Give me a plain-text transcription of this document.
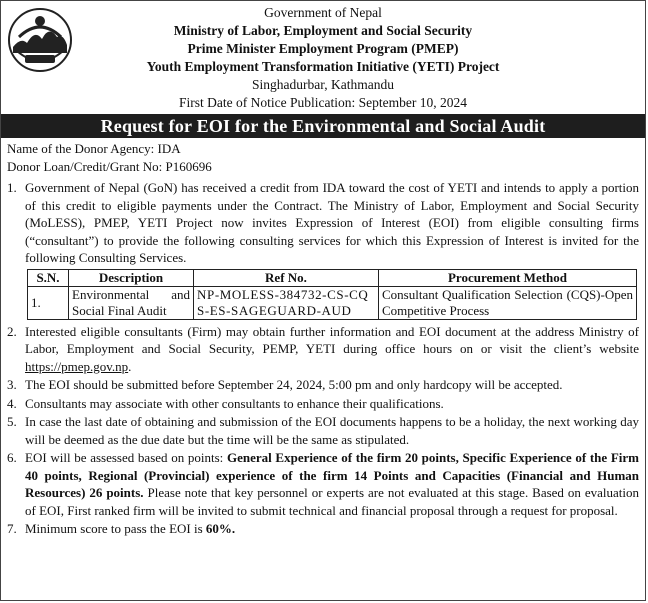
Government of Nepal
Ministry of Labor, Employment and Social Security
Prime Minister Employment Program (PMEP)
Youth Employment Transformation Initiative (YETI) Project
Singhadurbar, Kathmandu
First Date of Notice Publication: September 10, 2024
Request for EOI for the Environmental and Social Audit
Name of the Donor Agency: IDA
Donor Loan/Credit/Grant No: P160696
1. Government of Nepal (GoN) has received a credit from IDA toward the cost of YETI and intends to apply a portion of this credit to eligible payments under the Contract. The Ministry of Labor, Employment and Social Security (MoLESS), PMEP, YETI Project now invites Expression of Interest (EOI) from eligible consulting firms (“consultant”) to provide the following consulting services for which this Expression of Interest is invited for the following Consulting Services.
S.N.	Description	Ref No.	Procurement Method
1.	Environmental and Social Final Audit	NP-MOLESS-384732-CS-CQS-ES-SAGEGUARD-AUD	Consultant Qualification Selection (CQS)-Open Competitive Process
2. Interested eligible consultants (Firm) may obtain further information and EOI document at the address Ministry of Labor, Employment and Social Security, PEMP, YETI during office hours on or visit the client’s website https://pmep.gov.np.
3. The EOI should be submitted before September 24, 2024, 5:00 pm and only hardcopy will be accepted.
4. Consultants may associate with other consultants to enhance their qualifications.
5. In case the last date of obtaining and submission of the EOI documents happens to be a holiday, the next working day will be deemed as the due date but the time will be the same as stipulated.
6. EOI will be assessed based on points: General Experience of the firm 20 points, Specific Experience of the Firm 40 points, Regional (Provincial) experience of the firm 14 Points and Capacities (Financial and Human Resources) 26 points. Please note that key personnel or experts are not evaluated at this stage. Based on evaluation of EOI, First ranked firm will be invited to submit technical and financial proposal through a request for proposal.
7. Minimum score to pass the EOI is 60%.
